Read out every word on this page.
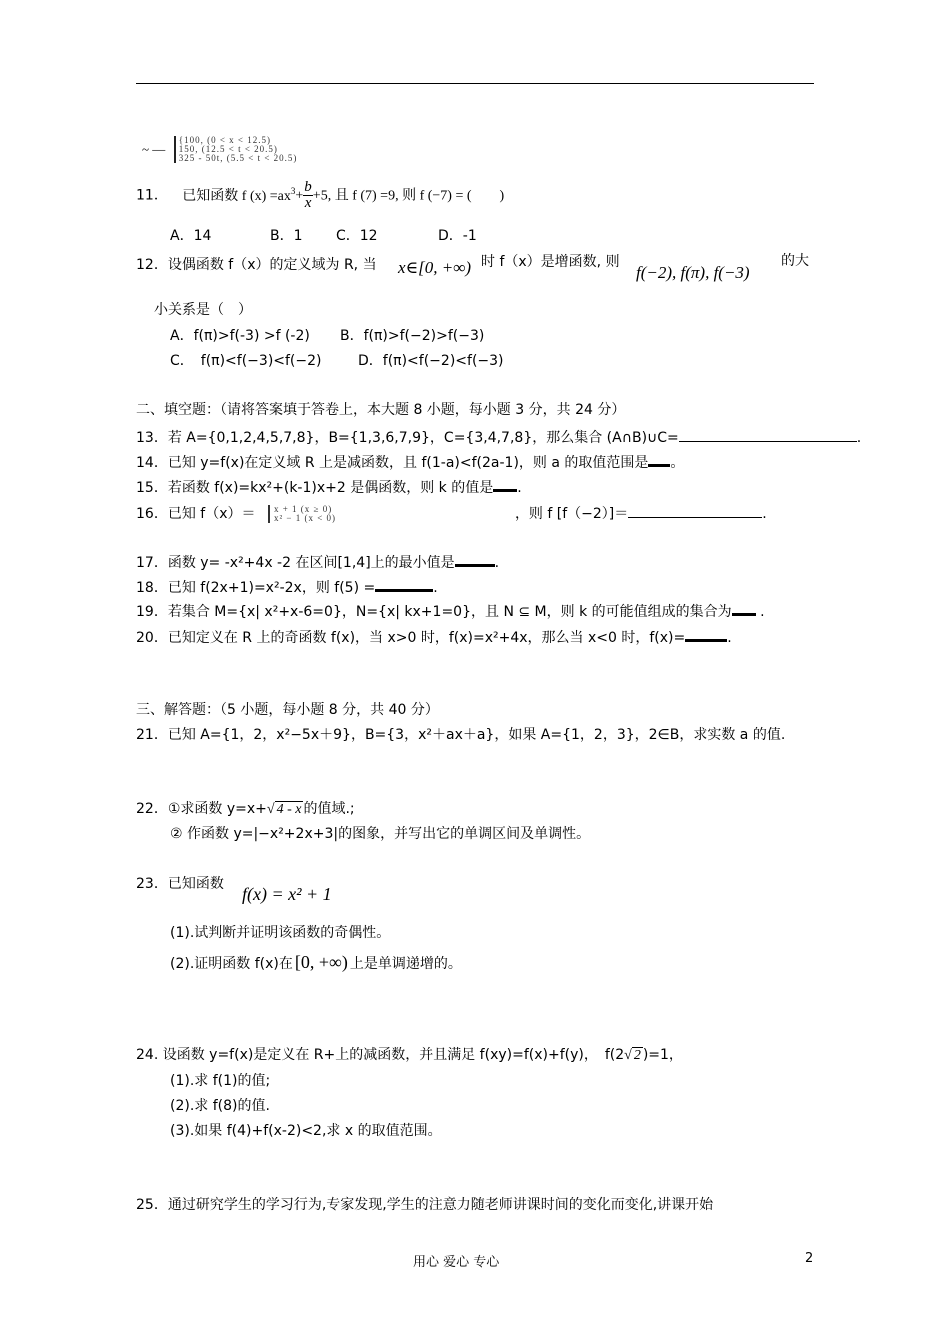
~ —
{100, (0 < x < 12.5)
150, (12.5 < t < 20.5)
325 - 50t, (5.5 < t < 20.5)
11． 已知函数 f $(x) =ax^3+ \frac{b}{x} +5$, 且 f (7) =9, 则 f (−7) = (　　)
A．14	B．1 C．12	D．-1
12．设偶函数 f（x）的定义域为 R, 当 x∈[0, +∞) 时 f（x）是增函数, 则
f(−2), f(π), f(−3)
的大
小关系是（　）
A．f(π)>f(-3) >f (-2) B．f(π)>f(−2)>f(−3)
C．　f(π)<f(−3)<f(−2)	D．f(π)<f(−2)<f(−3)
二、填空题：（请将答案填于答卷上，本大题 8 小题，每小题 3 分，共 24 分）
13．若 A={0,1,2,4,5,7,8}，B={1,3,6,7,9}，C={3,4,7,8}，那么集合 (A∩B)∪C=	.
14．已知 y=f(x)在定义域 R 上是减函数，且 f(1-a)<f(2a-1)，则 a 的取值范围是 。
15．若函数 f(x)=kx²+(k-1)x+2 是偶函数，则 k 的值是 .
16．已知 f（x）＝ x + 1 (x ≥ 0)
x² − 1 (x < 0)	，则 f [f（−2）]＝	.
17．函数 y= -x²+4x -2 在区间[1,4]上的最小值是	.
18．已知 f(2x+1)=x²-2x，则 f(5) =	.
19．若集合 M={x| x²+x-6=0}，N={x| kx+1=0}，且 N ⊆ M，则 k 的可能值组成的集合为 .
20．已知定义在 R 上的奇函数 f(x)，当 x>0 时，f(x)=x²+4x，那么当 x<0 时，f(x)=	.
三、解答题：（5 小题，每小题 8 分，共 40 分）
21．已知 A={1，2，x²−5x＋9}，B={3，x²＋ax＋a}，如果 A={1，2，3}，2∈B，求实数 a 的值.
22．①求函数 y=x+√ 4 - x 的值域.;
② 作函数 y=|−x²+2x+3|的图象，并写出它的单调区间及单调性。
23．已知函数 f(x) = x² + 1
(1).试判断并证明该函数的奇偶性。
(2).证明函数 f(x)在 [0, +∞) 上是单调递增的。
24. 设函数 y=f(x)是定义在 R+上的减函数，并且满足 f(xy)=f(x)+f(y)，　f(2√ 2 )=1，
(1).求 f(1)的值;
(2).求 f(8)的值.
(3).如果 f(4)+f(x-2)<2,求 x 的取值范围。
25．通过研究学生的学习行为,专家发现,学生的注意力随老师讲课时间的变化而变化,讲课开始
用心 爱心 专心	2
